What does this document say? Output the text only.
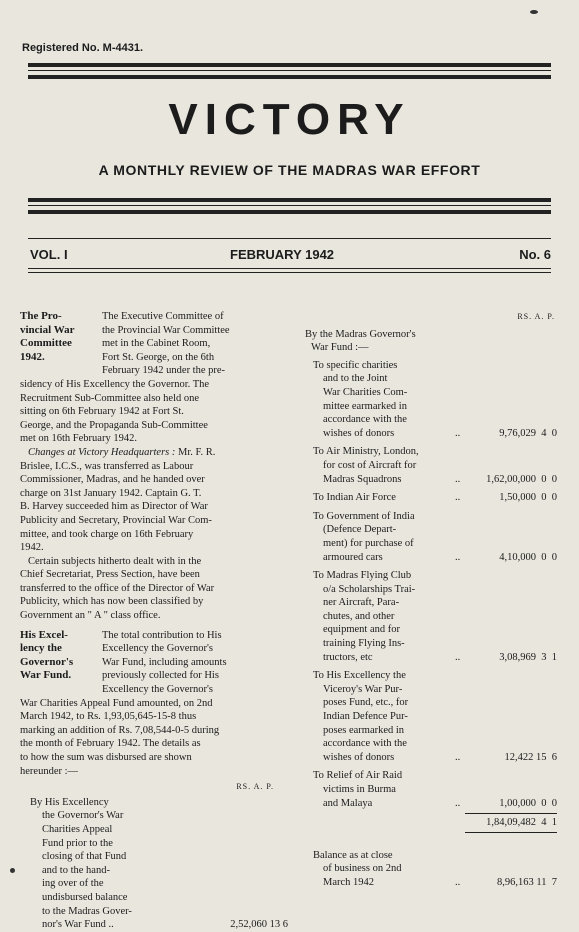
Registered No. M-4431.
VICTORY
A MONTHLY REVIEW OF THE MADRAS WAR EFFORT
VOL. I	FEBRUARY 1942	No. 6
The Pro-
vincial War
Committee
1942.
The Executive Committee of
the Provincial War Committee
met in the Cabinet Room,
Fort St. George, on the 6th
February 1942 under the pre-
sidency of His Excellency the Governor. The
Recruitment Sub-Committee also held one
sitting on 6th February 1942 at Fort St.
George, and the Propaganda Sub-Committee
met on 16th February 1942.
Changes at Victory Headquarters : Mr. F. R.
Brislee, I.C.S., was transferred as Labour
Commissioner, Madras, and he handed over
charge on 31st January 1942. Captain G. T.
B. Harvey succeeded him as Director of War
Publicity and Secretary, Provincial War Com-
mittee, and took charge on 16th February
1942.
Certain subjects hitherto dealt with in the
Chief Secretariat, Press Section, have been
transferred to the office of the Director of War
Publicity, which has now been classified by
Government an " A " class office.
His Excel-
lency the
Governor's
War Fund.
The total contribution to His
Excellency the Governor's
War Fund, including amounts
previously collected for His
Excellency the Governor's
War Charities Appeal Fund amounted, on 2nd
March 1942, to Rs. 1,93,05,645-15-8 thus
marking an addition of Rs. 7,08,544-0-5 during
the month of February 1942. The details as
to how the sum was disbursed are shown
hereunder :—
RS. A. P.
By His Excellency
the Governor's War
Charities Appeal
Fund prior to the
closing of that Fund
and to the hand-
ing over of the
undisbursed balance
to the Madras Gover-
nor's War Fund ..	2,52,060 13 6
RS. A. P.
By the Madras Governor's
War Fund :—
To specific charities
and to the Joint
War Charities Com-
mittee earmarked in
accordance with the
wishes of donors	..	9,76,029  4  0
To Air Ministry, London,
for cost of Aircraft for
Madras Squadrons	.. 1,62,00,000  0  0
To Indian Air Force	..	1,50,000  0  0
To Government of India
(Defence Depart-
ment) for purchase of
armoured cars	..	4,10,000  0  0
To Madras Flying Club
o/a Scholarships Trai-
ner Aircraft, Para-
chutes, and other
equipment and for
training Flying Ins-
tructors, etc	..	3,08,969  3  1
To His Excellency the
Viceroy's War Pur-
poses Fund, etc., for
Indian Defence Pur-
poses earmarked in
accordance with the
wishes of donors	..	12,422 15  6
To Relief of Air Raid
victims in Burma
and Malaya	..	1,00,000  0  0
1,84,09,482  4  1
Balance as at close
of business on 2nd
March 1942	..	8,96,163 11  7
